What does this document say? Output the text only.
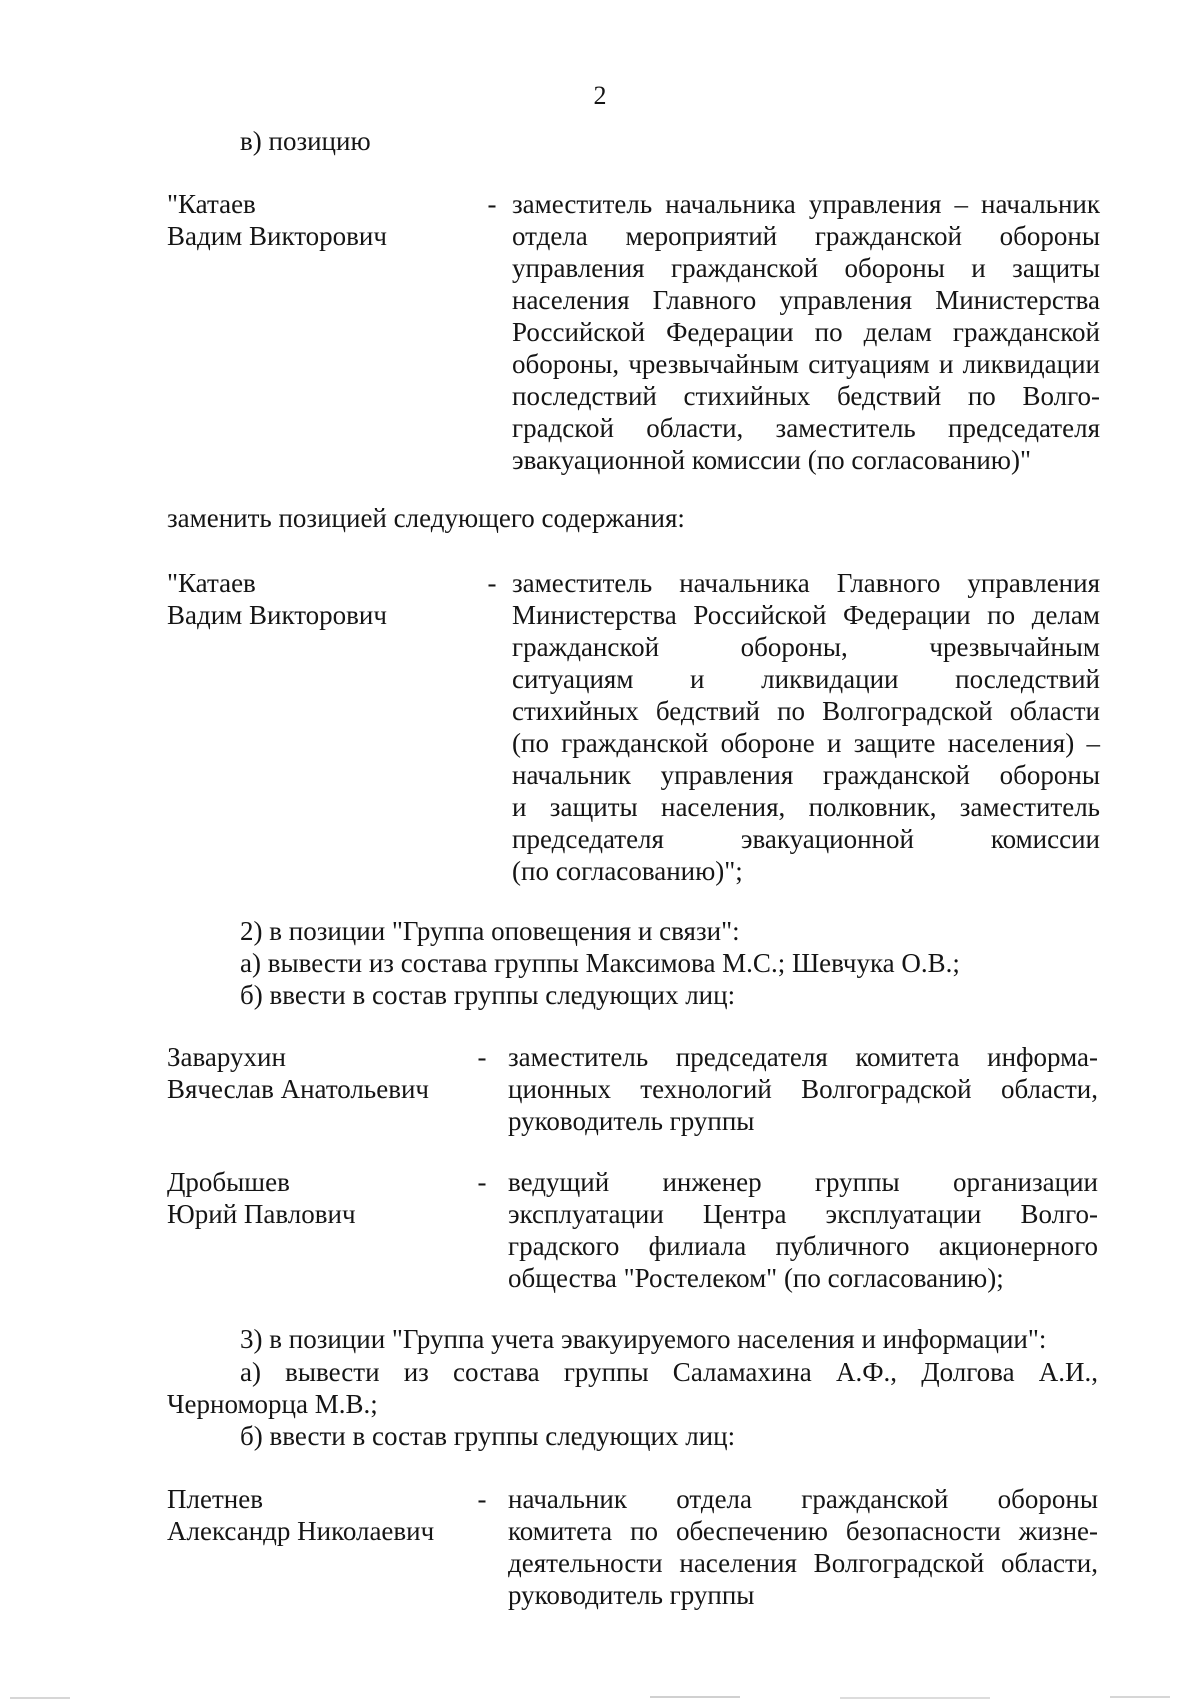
2
в) позицию
"Катаев
Вадим Викторович
- заместитель начальника управления – начальник
отдела мероприятий гражданской обороны
управления гражданской обороны и защиты
населения Главного управления Министерства
Российской Федерации по делам гражданской
обороны, чрезвычайным ситуациям и ликвидации
последствий стихийных бедствий по Волго-
градской области, заместитель председателя
эвакуационной комиссии (по согласованию)"
заменить позицией следующего содержания:
"Катаев
Вадим Викторович
- заместитель начальника Главного управления
Министерства Российской Федерации по делам
гражданской обороны, чрезвычайным
ситуациям и ликвидации последствий
стихийных бедствий по Волгоградской области
(по гражданской обороне и защите населения) –
начальник управления гражданской обороны
и защиты населения, полковник, заместитель
председателя эвакуационной комиссии
(по согласованию)";
2) в позиции "Группа оповещения и связи":
а) вывести из состава группы Максимова М.С.; Шевчука О.В.;
б) ввести в состав группы следующих лиц:
Заварухин
Вячеслав Анатольевич
- заместитель председателя комитета информа-
ционных технологий Волгоградской области,
руководитель группы
Дробышев
Юрий Павлович
- ведущий инженер группы организации
эксплуатации Центра эксплуатации Волго-
градского филиала публичного акционерного
общества "Ростелеком" (по согласованию);
3) в позиции "Группа учета эвакуируемого населения и информации":
а) вывести из состава группы Саламахина А.Ф., Долгова А.И.,
Черноморца М.В.;
б) ввести в состав группы следующих лиц:
Плетнев
Александр Николаевич
- начальник отдела гражданской обороны
комитета по обеспечению безопасности жизне-
деятельности населения Волгоградской области,
руководитель группы
